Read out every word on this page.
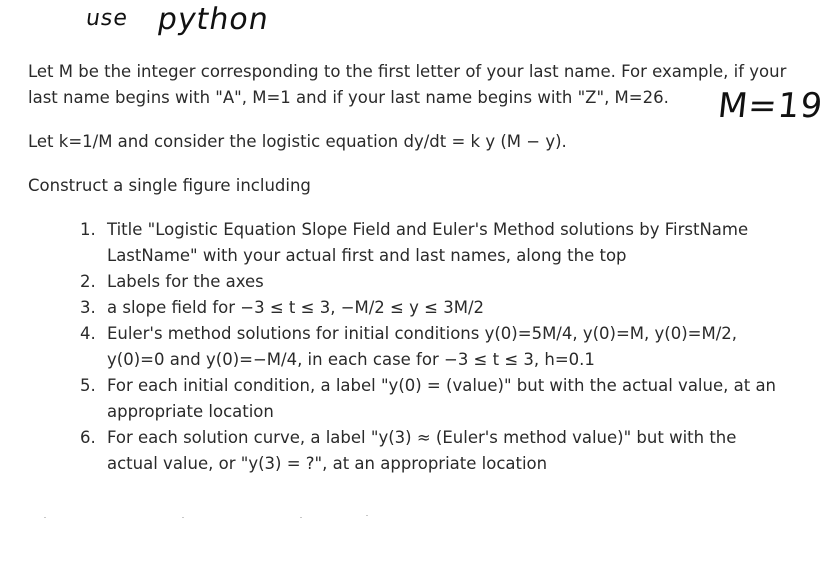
use python
M=19
Let M be the integer corresponding to the first letter of your last name. For example, if your
last name begins with "A", M=1 and if your last name begins with "Z", M=26.
Let k=1/M and consider the logistic equation dy/dt = k y (M − y).
Construct a single figure including
1. Title "Logistic Equation Slope Field and Euler's Method solutions by FirstName
LastName" with your actual first and last names, along the top
2. Labels for the axes
3. a slope field for −3 ≤ t ≤ 3, −M/2 ≤ y ≤ 3M/2
4. Euler's method solutions for initial conditions y(0)=5M/4, y(0)=M, y(0)=M/2,
y(0)=0 and y(0)=−M/4, in each case for −3 ≤ t ≤ 3, h=0.1
5. For each initial condition, a label "y(0) = (value)" but with the actual value, at an
appropriate location
6. For each solution curve, a label "y(3) ≈ (Euler's method value)" but with the
actual value, or "y(3) = ?", at an appropriate location
